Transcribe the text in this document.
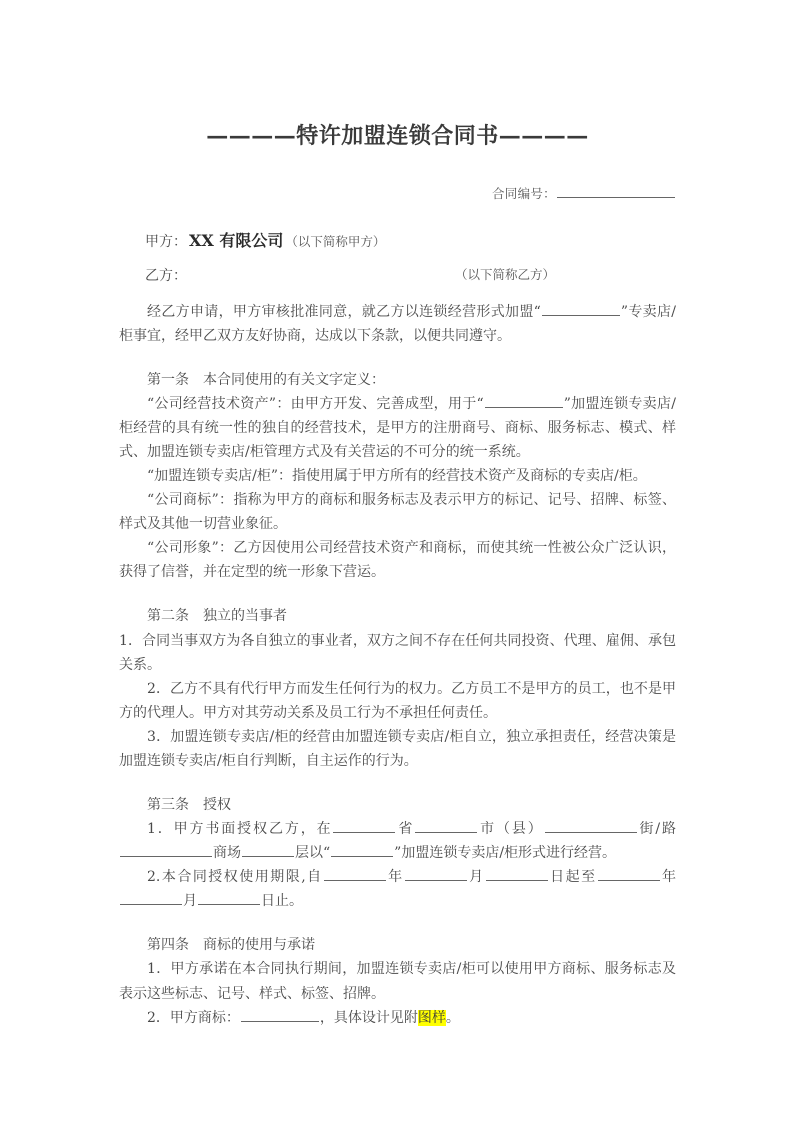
————特许加盟连锁合同书————
合同编号：
甲方： XX 有限公司 （以下简称甲方）
乙方：	（以下简称乙方）

经乙方申请，甲方审核批准同意，就乙方以连锁经营形式加盟“	”专卖店/柜事宜，经甲乙双方友好协商，达成以下条款，以便共同遵守。

第一条 本合同使用的有关文字定义：

“公司经营技术资产”：由甲方开发、完善成型，用于“	”加盟连锁专卖店/柜经营的具有统一性的独自的经营技术，是甲方的注册商号、商标、服务标志、模式、样式、加盟连锁专卖店/柜管理方式及有关营运的不可分的统一系统。

“加盟连锁专卖店/柜”：指使用属于甲方所有的经营技术资产及商标的专卖店/柜。

“公司商标”：指称为甲方的商标和服务标志及表示甲方的标记、记号、招牌、标签、样式及其他一切营业象征。

“公司形象”：乙方因使用公司经营技术资产和商标，而使其统一性被公众广泛认识，获得了信誉，并在定型的统一形象下营运。

第二条 独立的当事者

1．合同当事双方为各自独立的事业者，双方之间不存在任何共同投资、代理、雇佣、承包关系。

2．乙方不具有代行甲方而发生任何行为的权力。乙方员工不是甲方的员工，也不是甲方的代理人。甲方对其劳动关系及员工行为不承担任何责任。

3．加盟连锁专卖店/柜的经营由加盟连锁专卖店/柜自立，独立承担责任，经营决策是加盟连锁专卖店/柜自行判断，自主运作的行为。

第三条 授权

1．甲方书面授权乙方，在	省	市（县）	街/路商场	层以“	”加盟连锁专卖店/柜形式进行经营。

2.本合同授权使用期限,自	年	月	日起至	年月	日止。

第四条 商标的使用与承诺

1．甲方承诺在本合同执行期间，加盟连锁专卖店/柜可以使用甲方商标、服务标志及表示这些标志、记号、样式、标签、招牌。

2．甲方商标：	，具体设计见附图样。
